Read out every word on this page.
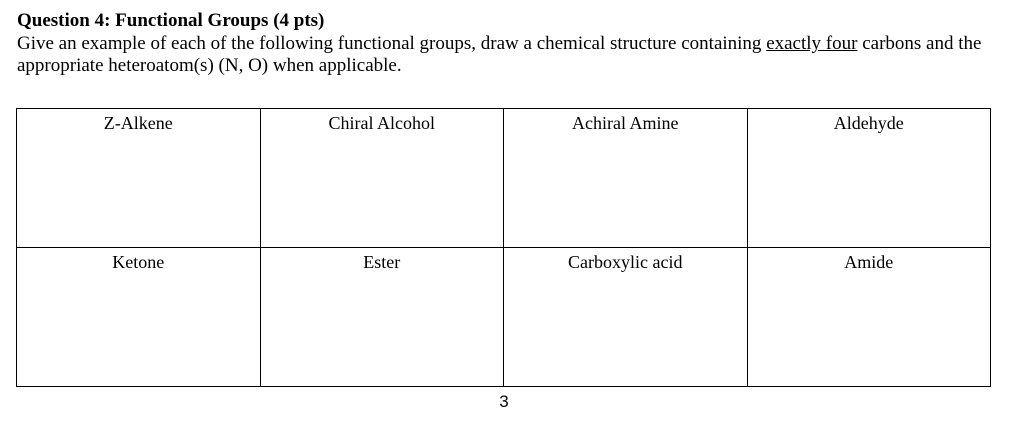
Question 4: Functional Groups (4 pts)
Give an example of each of the following functional groups, draw a chemical structure containing exactly four carbons and the appropriate heteroatom(s) (N, O) when applicable.
Z-Alkene	Chiral Alcohol	Achiral Amine	Aldehyde
Ketone	Ester	Carboxylic acid	Amide
3
